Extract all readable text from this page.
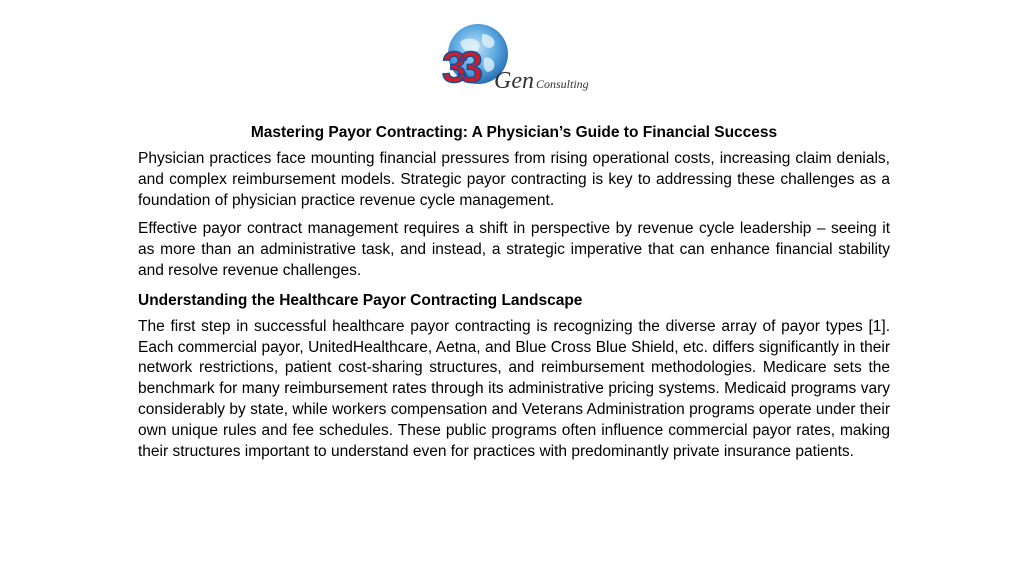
33 Gen Consulting
Mastering Payor Contracting: A Physician’s Guide to Financial Success

Physician practices face mounting financial pressures from rising operational costs, increasing claim denials, and complex reimbursement models. Strategic payor contracting is key to addressing these challenges as a foundation of physician practice revenue cycle management.

Effective payor contract management requires a shift in perspective by revenue cycle leadership – seeing it as more than an administrative task, and instead, a strategic imperative that can enhance financial stability and resolve revenue challenges.

Understanding the Healthcare Payor Contracting Landscape

The first step in successful healthcare payor contracting is recognizing the diverse array of payor types [1]. Each commercial payor, UnitedHealthcare, Aetna, and Blue Cross Blue Shield, etc. differs significantly in their network restrictions, patient cost-sharing structures, and reimbursement methodologies. Medicare sets the benchmark for many reimbursement rates through its administrative pricing systems. Medicaid programs vary considerably by state, while workers compensation and Veterans Administration programs operate under their own unique rules and fee schedules. These public programs often influence commercial payor rates, making their structures important to understand even for practices with predominantly private insurance patients.
